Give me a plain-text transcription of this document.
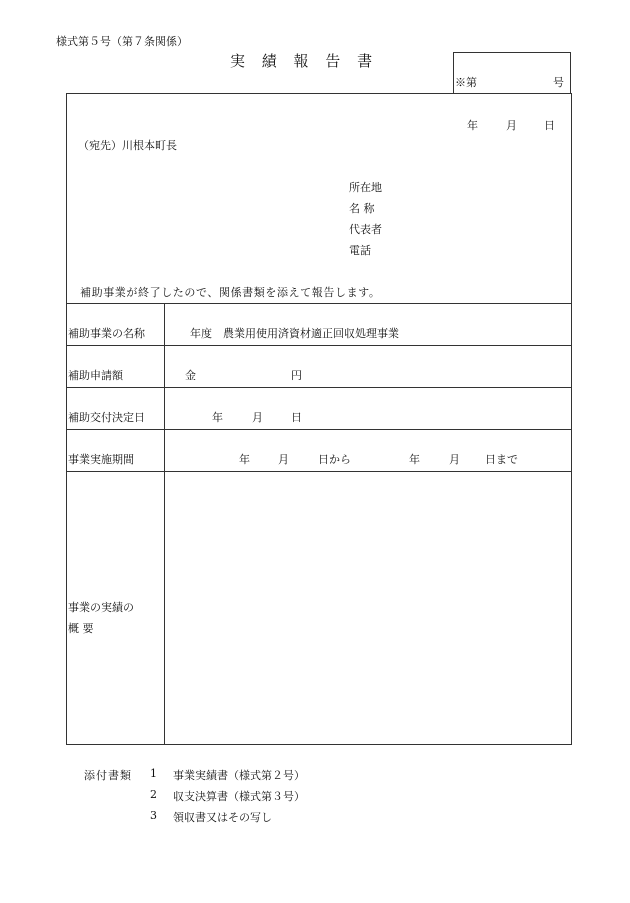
様式第５号（第７条関係）
実 績 報 告 書
※第	号
年	月 日
（宛先）川根本町長
所在地
名 称
代表者
電話
補助事業が終了したので、関係書類を添えて報告します。
補助事業の名称	年度　農業用使用済資材適正回収処理事業
補助申請額	金	円
補助交付決定日	年	月	日
事業実施期間	年	月	日から	年	月 日まで
事業の実績の
概 要
添付書類 1 事業実績書（様式第２号）
2 収支決算書（様式第３号）
3 領収書又はその写し
